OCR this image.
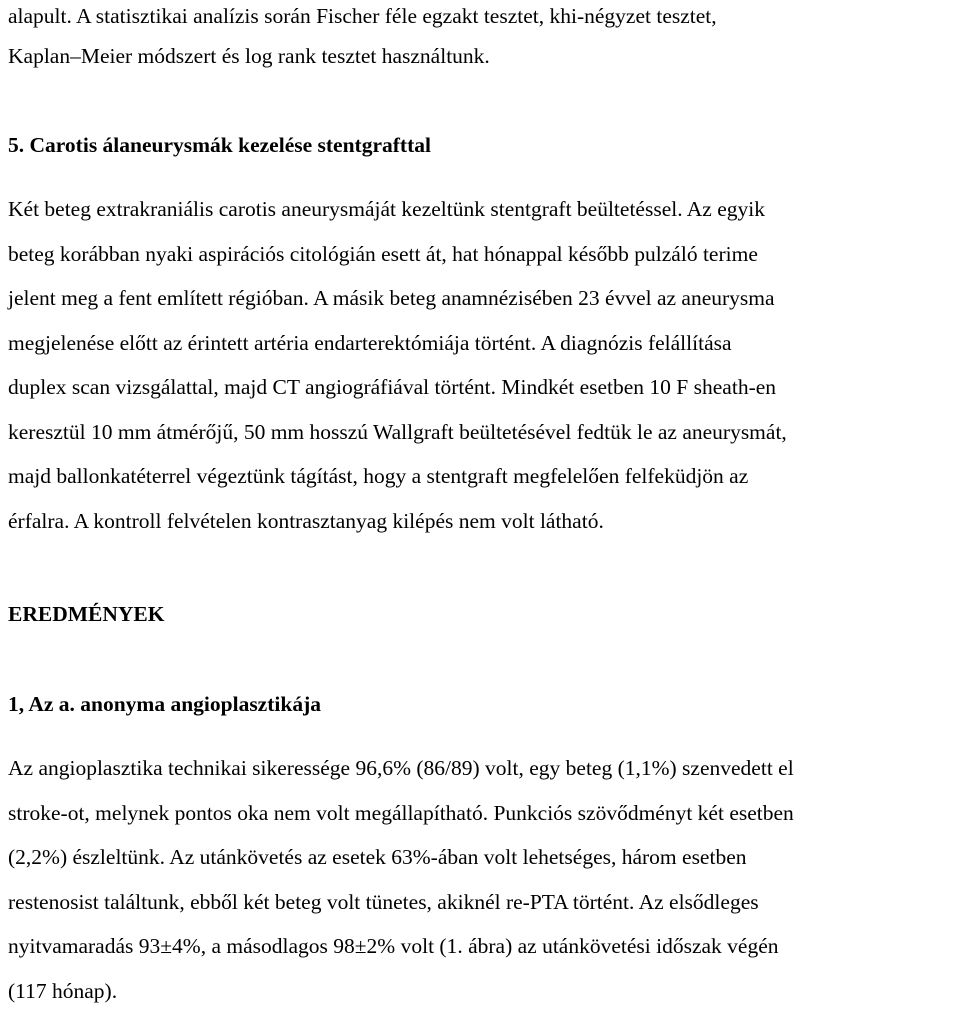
alapult. A statisztikai analízis során Fischer féle egzakt tesztet, khi-négyzet tesztet,
Kaplan–Meier módszert és log rank tesztet használtunk.
5. Carotis álaneurysmák kezelése stentgrafttal
Két beteg extrakraniális carotis aneurysmáját kezeltünk stentgraft beültetéssel. Az egyik
beteg korábban nyaki aspirációs citológián esett át, hat hónappal később pulzáló terime
jelent meg a fent említett régióban. A másik beteg anamnézisében 23 évvel az aneurysma
megjelenése előtt az érintett artéria endarterektómiája történt. A diagnózis felállítása
duplex scan vizsgálattal, majd CT angiográfiával történt. Mindkét esetben 10 F sheath-en
keresztül 10 mm átmérőjű, 50 mm hosszú Wallgraft beültetésével fedtük le az aneurysmát,
majd ballonkatéterrel végeztünk tágítást, hogy a stentgraft megfelelően felfeküdjön az
érfalra. A kontroll felvételen kontrasztanyag kilépés nem volt látható.
EREDMÉNYEK
1, Az a. anonyma angioplasztikája
Az angioplasztika technikai sikeressége 96,6% (86/89) volt, egy beteg (1,1%) szenvedett el
stroke-ot, melynek pontos oka nem volt megállapítható. Punkciós szövődményt két esetben
(2,2%) észleltünk. Az utánkövetés az esetek 63%-ában volt lehetséges, három esetben
restenosist találtunk, ebből két beteg volt tünetes, akiknél re-PTA történt. Az elsődleges
nyitvamaradás 93±4%, a másodlagos 98±2% volt (1. ábra) az utánkövetési időszak végén
(117 hónap).
